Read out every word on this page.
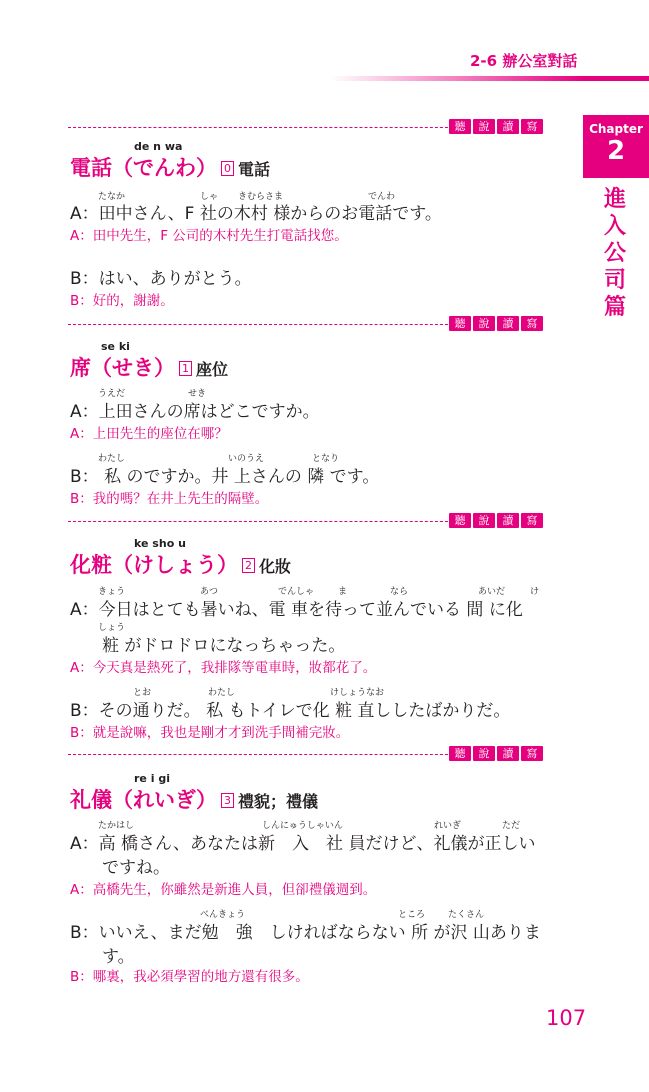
2-6 辦公室對話
Chapter
2
進
入
公
司
篇
聽	說	讀	寫
de n wa
電話（でんわ） 0 電話
たなか	しゃ きむらさま	でんわ
A：田中さん、F 社の木村 様からのお電話です。
A：田中先生，F 公司的木村先生打電話找您。
B：はい、ありがとう。
B：好的，謝謝。
聽	說	讀	寫
se ki
席（せき） 1 座位
うえだ	せき
A：上田さんの席はどこですか。
A：上田先生的座位在哪？
わたし	いのうえ	となり
B： 私 のですか。井 上さんの 隣 です。
B：我的嗎？在井上先生的隔壁。
聽	說	讀	寫
ke sho u
化粧（けしょう） 2 化妝
きょう	あつ	でんしゃ	ま	なら	あいだ	け
A：今日はとても暑いね、電 車を待って並んでいる 間 に化
しょう
粧 がドロドロになっちゃった。
A：今天真是熱死了，我排隊等電車時，妝都花了。
とお	わたし	けしょうなお
B：その通りだ。 私 もトイレで化 粧 直ししたばかりだ。
B：就是說嘛，我也是剛才才到洗手間補完妝。
聽	說	讀	寫
re i gi
礼儀（れいぎ） 3 禮貌；禮儀
たかはし	しんにゅうしゃいん	れいぎ	ただ
A：高 橋さん、あなたは新　入　社 員だけど、礼儀が正しい
ですね。
A：高橋先生，你雖然是新進人員，但卻禮儀週到。
べんきょう	ところ	たくさん
B：いいえ、まだ勉　強　しければならない 所 が沢 山ありま
す。
B：哪裏，我必須學習的地方還有很多。
107
